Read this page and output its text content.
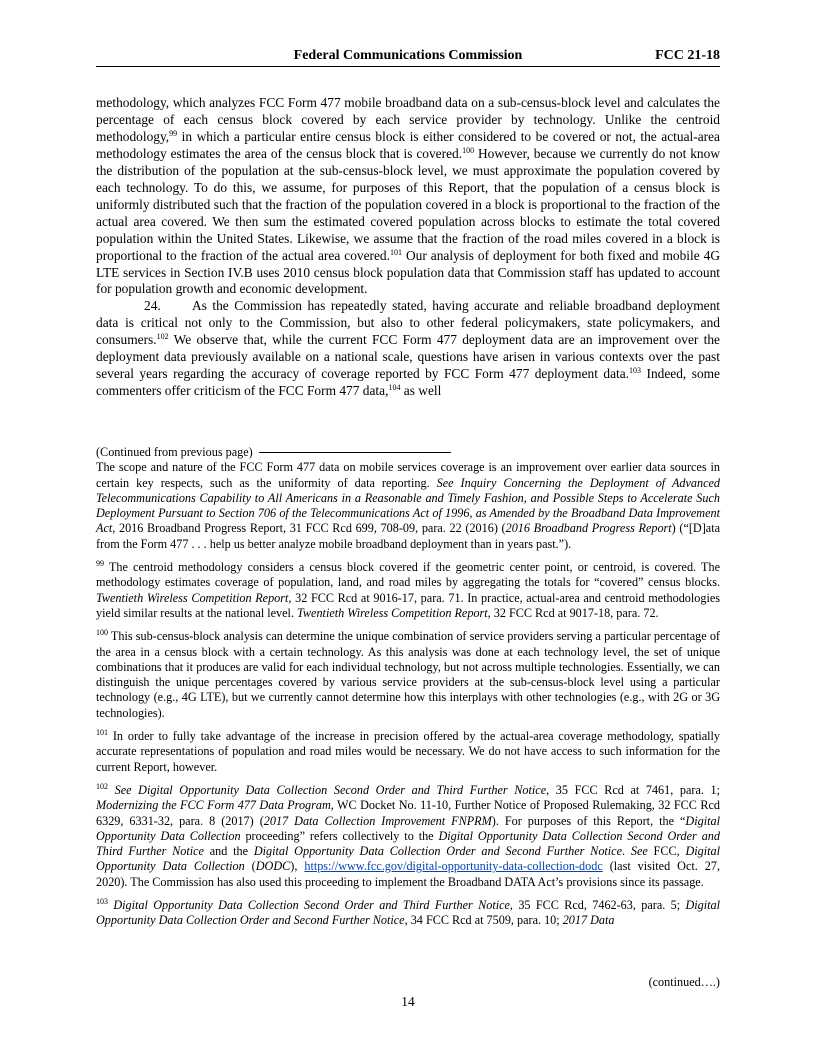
Federal Communications Commission	FCC 21-18

methodology, which analyzes FCC Form 477 mobile broadband data on a sub-census-block level and calculates the percentage of each census block covered by each service provider by technology. Unlike the centroid methodology,$^{99}$ in which a particular entire census block is either considered to be covered or not, the actual-area methodology estimates the area of the census block that is covered.$^{100}$ However, because we currently do not know the distribution of the population at the sub-census-block level, we must approximate the population covered by each technology. To do this, we assume, for purposes of this Report, that the population of a census block is uniformly distributed such that the fraction of the population covered in a block is proportional to the fraction of the actual area covered. We then sum the estimated covered population across blocks to estimate the total covered population within the United States. Likewise, we assume that the fraction of the road miles covered in a block is proportional to the fraction of the actual area covered.$^{101}$ Our analysis of deployment for both fixed and mobile 4G LTE services in Section IV.B uses 2010 census block population data that Commission staff has updated to account for population growth and economic development.

24. As the Commission has repeatedly stated, having accurate and reliable broadband deployment data is critical not only to the Commission, but also to other federal policymakers, state policymakers, and consumers.$^{102}$ We observe that, while the current FCC Form 477 deployment data are an improvement over the deployment data previously available on a national scale, questions have arisen in various contexts over the past several years regarding the accuracy of coverage reported by FCC Form 477 deployment data.$^{103}$ Indeed, some commenters offer criticism of the FCC Form 477 data,$^{104}$ as well

(Continued from previous page)

The scope and nature of the FCC Form 477 data on mobile services coverage is an improvement over earlier data sources in certain key respects, such as the uniformity of data reporting. See Inquiry Concerning the Deployment of Advanced Telecommunications Capability to All Americans in a Reasonable and Timely Fashion, and Possible Steps to Accelerate Such Deployment Pursuant to Section 706 of the Telecommunications Act of 1996, as Amended by the Broadband Data Improvement Act, 2016 Broadband Progress Report, 31 FCC Rcd 699, 708-09, para. 22 (2016) (2016 Broadband Progress Report) (“[D]ata from the Form 477 . . . help us better analyze mobile broadband deployment than in years past.”).

$^{99}$ The centroid methodology considers a census block covered if the geometric center point, or centroid, is covered. The methodology estimates coverage of population, land, and road miles by aggregating the totals for “covered” census blocks. Twentieth Wireless Competition Report, 32 FCC Rcd at 9016-17, para. 71. In practice, actual-area and centroid methodologies yield similar results at the national level. Twentieth Wireless Competition Report, 32 FCC Rcd at 9017-18, para. 72.

$^{100}$ This sub-census-block analysis can determine the unique combination of service providers serving a particular percentage of the area in a census block with a certain technology. As this analysis was done at each technology level, the set of unique combinations that it produces are valid for each individual technology, but not across multiple technologies. Essentially, we can distinguish the unique percentages covered by various service providers at the sub-census-block level using a particular technology (e.g., 4G LTE), but we currently cannot determine how this interplays with other technologies (e.g., with 2G or 3G technologies).

$^{101}$ In order to fully take advantage of the increase in precision offered by the actual-area coverage methodology, spatially accurate representations of population and road miles would be necessary. We do not have access to such information for the current Report, however.

$^{102}$ See Digital Opportunity Data Collection Second Order and Third Further Notice, 35 FCC Rcd at 7461, para. 1; Modernizing the FCC Form 477 Data Program, WC Docket No. 11-10, Further Notice of Proposed Rulemaking, 32 FCC Rcd 6329, 6331-32, para. 8 (2017) (2017 Data Collection Improvement FNPRM). For purposes of this Report, the “Digital Opportunity Data Collection proceeding” refers collectively to the Digital Opportunity Data Collection Second Order and Third Further Notice and the Digital Opportunity Data Collection Order and Second Further Notice. See FCC, Digital Opportunity Data Collection (DODC), https://www.fcc.gov/digital-opportunity-data-collection-dodc (last visited Oct. 27, 2020). The Commission has also used this proceeding to implement the Broadband DATA Act’s provisions since its passage.

$^{103}$ Digital Opportunity Data Collection Second Order and Third Further Notice, 35 FCC Rcd, 7462-63, para. 5; Digital Opportunity Data Collection Order and Second Further Notice, 34 FCC Rcd at 7509, para. 10; 2017 Data

(continued….)
14
